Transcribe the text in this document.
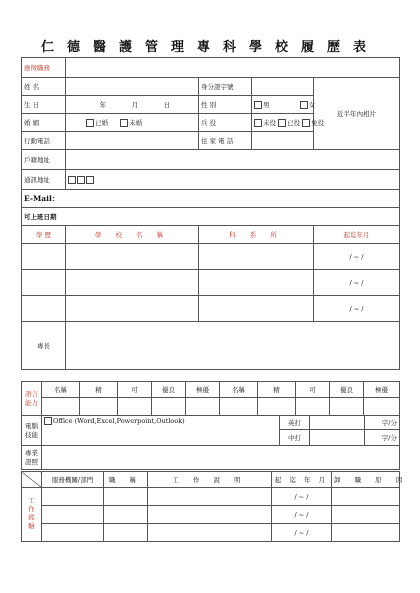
仁德醫護管理專科學校履歷表
應徵職務				
姓 名		身分證字號		近半年內相片
生 日	年 月 日	性 別	男 女	
婚 姻	已婚 未婚	兵 役	未役 已役 免役	
行動電話		住 家 電 話		
戶籍地址				
通訊地址				
E-Mail：				
可上班日期				
學 歷	學 校 名 稱	科 系 所		起迄年月
				/ ~ /
				/ ~ /
				/ ~ /
專長				
語言能力	名稱	精	可	優良	極優	名稱	精	可	優良	極優

電腦技能	Office (Word,Excel,Powerpoint,Outlook)	英打		字/分
		中打		字/分
專業證照				
	服務機關/部門	職 稱	工 作 說 明	起 迄 年 月	卸 職 原 因
工作經驗				/ ~ /	
				/ ~ /	
				/ ~ /	
